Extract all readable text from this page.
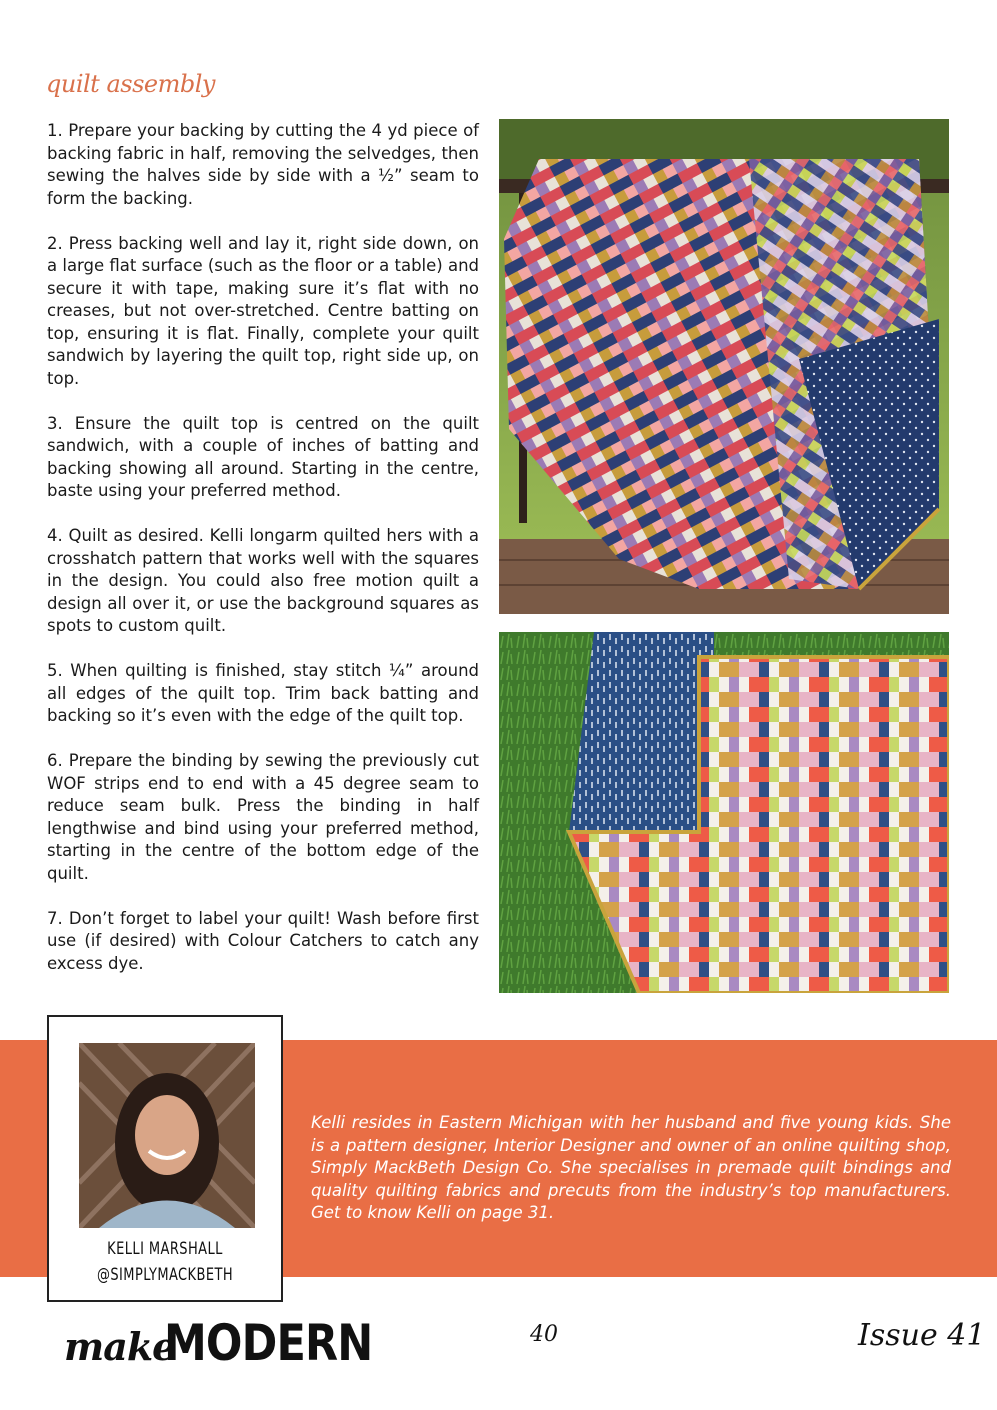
quilt assembly

1. Prepare your backing by cutting the 4 yd piece of backing fabric in half, removing the selvedges, then sewing the halves side by side with a ½” seam to form the backing.

2. Press backing well and lay it, right side down, on a large flat surface (such as the floor or a table) and secure it with tape, making sure it’s flat with no creases, but not over-stretched. Centre batting on top, ensuring it is flat. Finally, complete your quilt sandwich by layering the quilt top, right side up, on top.

3. Ensure the quilt top is centred on the quilt sandwich, with a couple of inches of batting and backing showing all around. Starting in the centre, baste using your preferred method.

4. Quilt as desired. Kelli longarm quilted hers with a crosshatch pattern that works well with the squares in the design. You could also free motion quilt a design all over it, or use the background squares as spots to custom quilt.

5. When quilting is finished, stay stitch ¼” around all edges of the quilt top. Trim back batting and backing so it’s even with the edge of the quilt top.

6. Prepare the binding by sewing the previously cut WOF strips end to end with a 45 degree seam to reduce seam bulk. Press the binding in half lengthwise and bind using your preferred method, starting in the centre of the bottom edge of the quilt.

7. Don’t forget to label your quilt! Wash before first use (if desired) with Colour Catchers to catch any excess dye.

Kelli resides in Eastern Michigan with her husband and five young kids. She is a pattern designer, Interior Designer and owner of an online quilting shop, Simply MackBeth Design Co. She specialises in premade quilt bindings and quality quilting fabrics and precuts from the industry’s top manufacturers. Get to know Kelli on page 31.

KELLI MARSHALL
@SIMPLYMACKBETH
make
MODERN	40	Issue 41
